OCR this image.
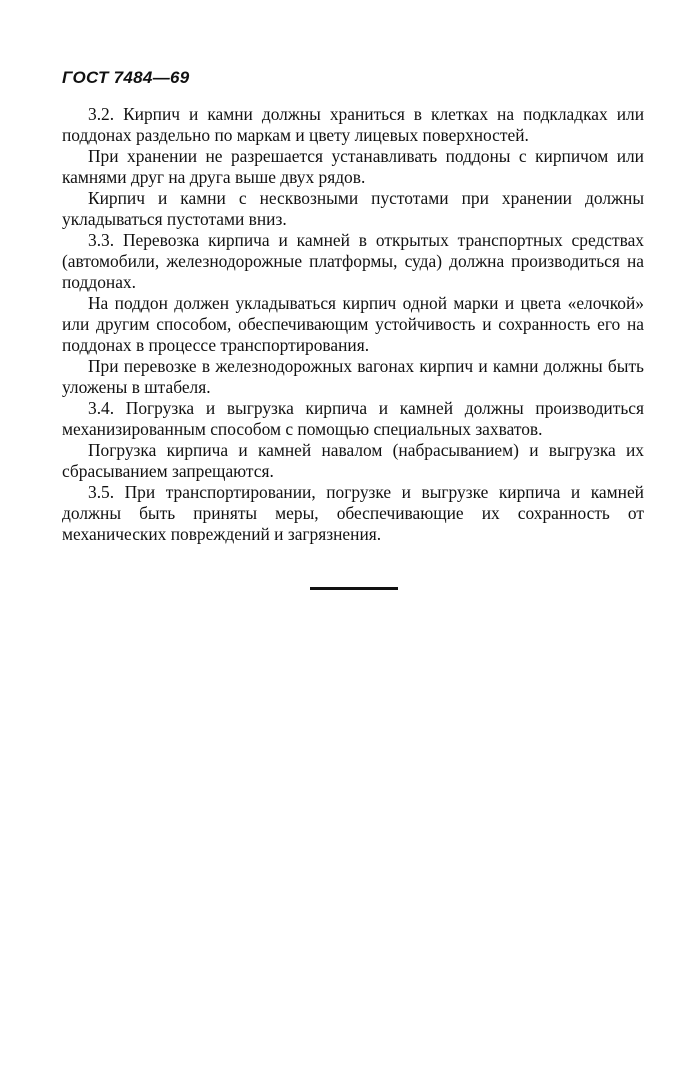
ГОСТ 7484—69

3.2. Кирпич и камни должны храниться в клетках на подкладках или поддонах раздельно по маркам и цвету лицевых поверхностей.

При хранении не разрешается устанавливать поддоны с кирпичом или камнями друг на друга выше двух рядов.

Кирпич и камни с несквозными пустотами при хранении должны укладываться пустотами вниз.

3.3. Перевозка кирпича и камней в открытых транспортных средствах (автомобили, железнодорожные платформы, суда) должна производиться на поддонах.

На поддон должен укладываться кирпич одной марки и цвета «елочкой» или другим способом, обеспечивающим устойчивость и сохранность его на поддонах в процессе транспортирования.

При перевозке в железнодорожных вагонах кирпич и камни должны быть уложены в штабеля.

3.4. Погрузка и выгрузка кирпича и камней должны производиться механизированным способом с помощью специальных захватов.

Погрузка кирпича и камней навалом (набрасыванием) и выгрузка их сбрасыванием запрещаются.

3.5. При транспортировании, погрузке и выгрузке кирпича и камней должны быть приняты меры, обеспечивающие их сохранность от механических повреждений и загрязнения.
